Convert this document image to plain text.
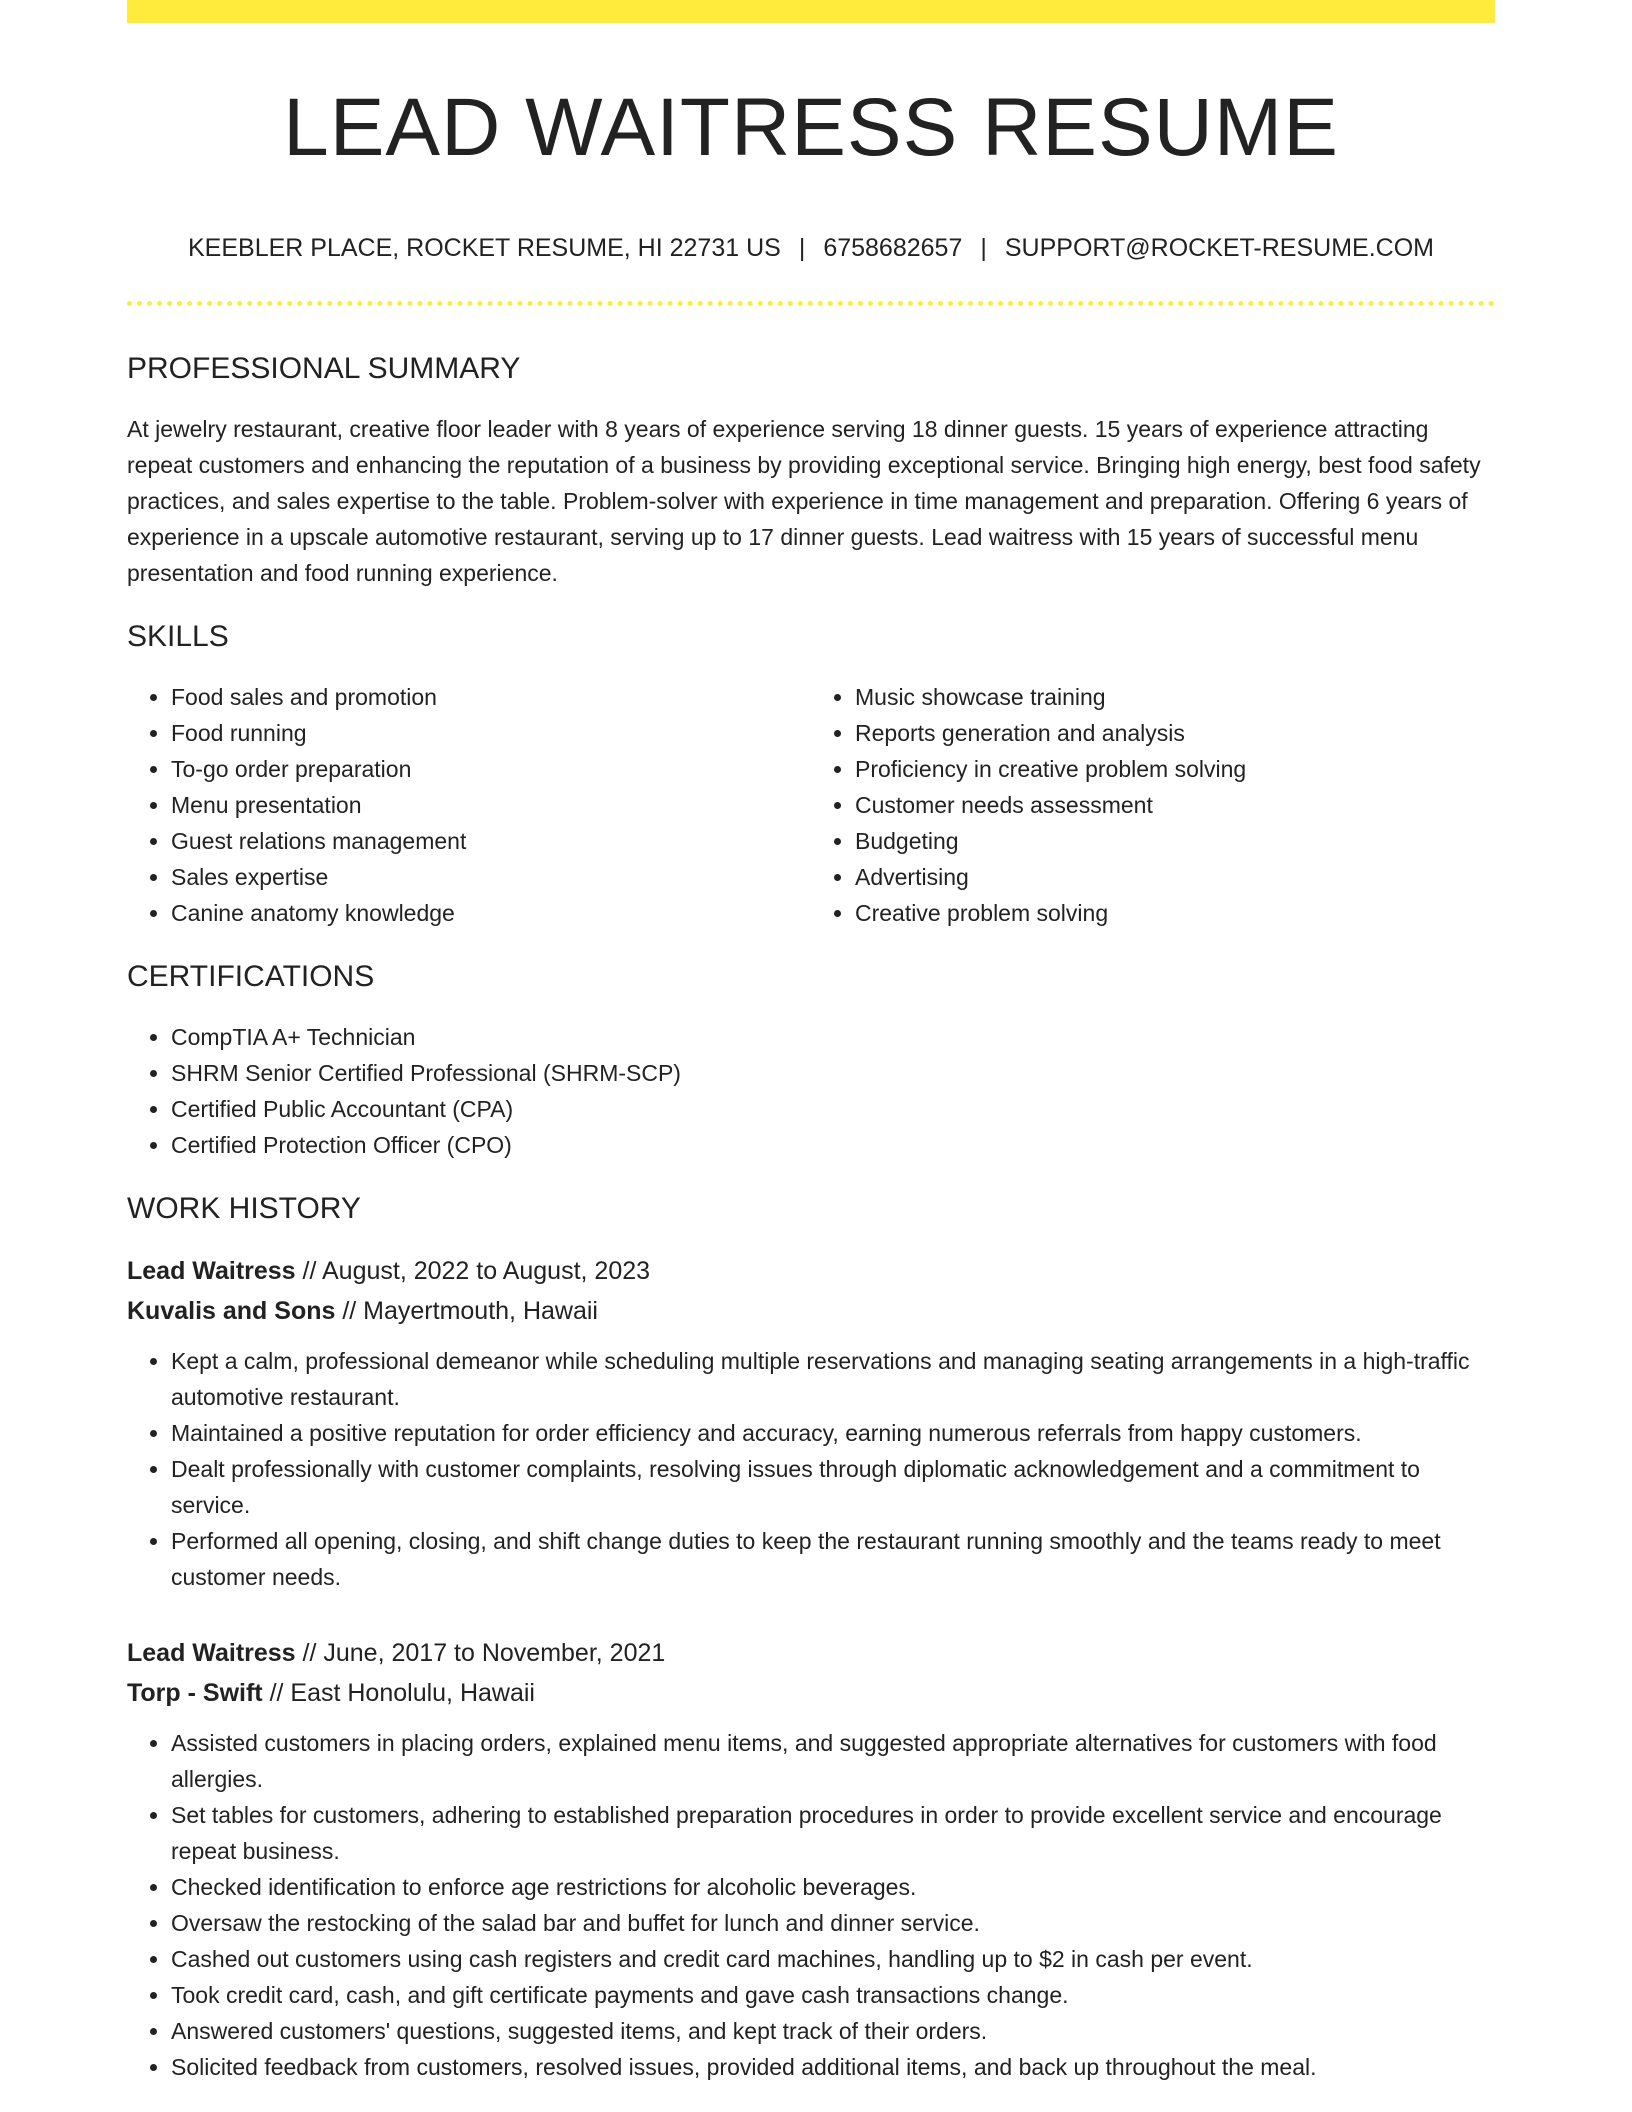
LEAD WAITRESS RESUME
KEEBLER PLACE, ROCKET RESUME, HI 22731 US | 6758682657 | SUPPORT@ROCKET-RESUME.COM
PROFESSIONAL SUMMARY
At jewelry restaurant, creative floor leader with 8 years of experience serving 18 dinner guests. 15 years of experience attracting repeat customers and enhancing the reputation of a business by providing exceptional service. Bringing high energy, best food safety practices, and sales expertise to the table. Problem-solver with experience in time management and preparation. Offering 6 years of experience in a upscale automotive restaurant, serving up to 17 dinner guests. Lead waitress with 15 years of successful menu presentation and food running experience.
SKILLS
• Food sales and promotion
• Food running
• To-go order preparation
• Menu presentation
• Guest relations management
• Sales expertise
• Canine anatomy knowledge
• Music showcase training
• Reports generation and analysis
• Proficiency in creative problem solving
• Customer needs assessment
• Budgeting
• Advertising
• Creative problem solving
CERTIFICATIONS
• CompTIA A+ Technician
• SHRM Senior Certified Professional (SHRM-SCP)
• Certified Public Accountant (CPA)
• Certified Protection Officer (CPO)
WORK HISTORY
Lead Waitress // August, 2022 to August, 2023
Kuvalis and Sons // Mayertmouth, Hawaii
• Kept a calm, professional demeanor while scheduling multiple reservations and managing seating arrangements in a high-traffic automotive restaurant.
• Maintained a positive reputation for order efficiency and accuracy, earning numerous referrals from happy customers.
• Dealt professionally with customer complaints, resolving issues through diplomatic acknowledgement and a commitment to service.
• Performed all opening, closing, and shift change duties to keep the restaurant running smoothly and the teams ready to meet customer needs.
Lead Waitress // June, 2017 to November, 2021
Torp - Swift // East Honolulu, Hawaii
• Assisted customers in placing orders, explained menu items, and suggested appropriate alternatives for customers with food allergies.
• Set tables for customers, adhering to established preparation procedures in order to provide excellent service and encourage repeat business.
• Checked identification to enforce age restrictions for alcoholic beverages.
• Oversaw the restocking of the salad bar and buffet for lunch and dinner service.
• Cashed out customers using cash registers and credit card machines, handling up to $2 in cash per event.
• Took credit card, cash, and gift certificate payments and gave cash transactions change.
• Answered customers' questions, suggested items, and kept track of their orders.
• Solicited feedback from customers, resolved issues, provided additional items, and back up throughout the meal.
